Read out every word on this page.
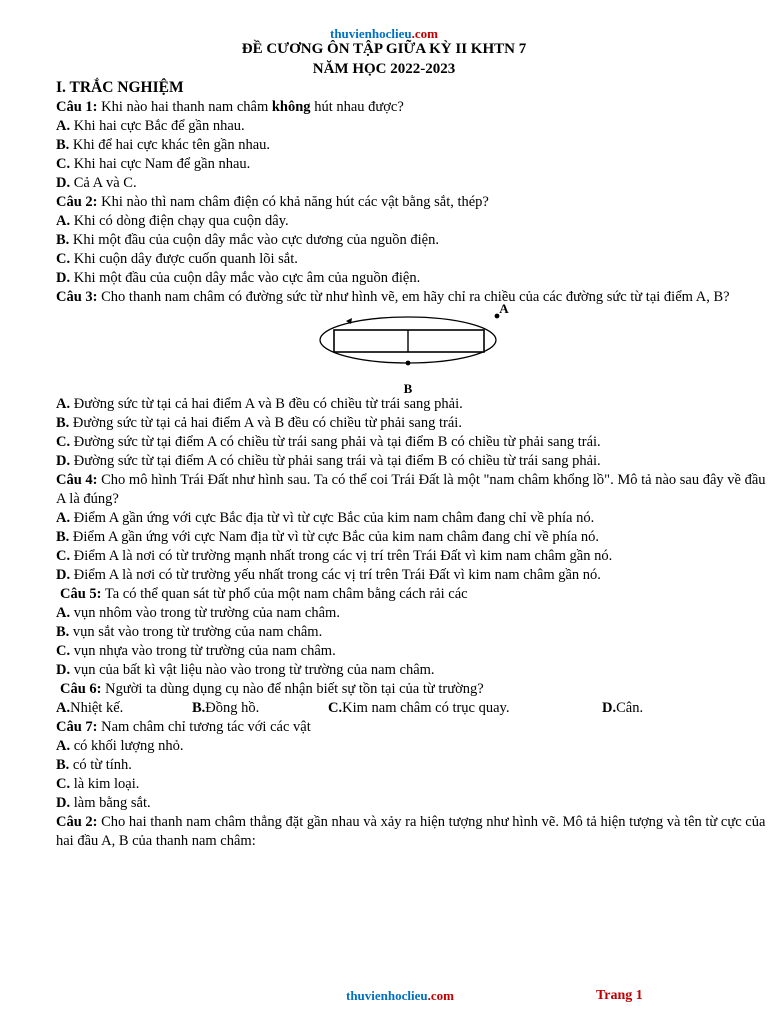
thuvienhoclieu.com
ĐỀ CƯƠNG ÔN TẬP GIỮA KỲ II KHTN 7
NĂM HỌC 2022-2023
I. TRẮC NGHIỆM
Câu 1: Khi nào hai thanh nam châm không hút nhau được?
A. Khi hai cực Bắc để gần nhau.
B. Khi để hai cực khác tên gần nhau.
C. Khi hai cực Nam để gần nhau.
D. Cả A và C.
Câu 2: Khi nào thì nam châm điện có khả năng hút các vật bằng sắt, thép?
A. Khi có dòng điện chạy qua cuộn dây.
B. Khi một đầu của cuộn dây mắc vào cực dương của nguồn điện.
C. Khi cuộn dây được cuốn quanh lõi sắt.
D. Khi một đầu của cuộn dây mắc vào cực âm của nguồn điện.
Câu 3: Cho thanh nam châm có đường sức từ như hình vẽ, em hãy chỉ ra chiều của các đường sức từ tại điểm A, B?
A
B
A. Đường sức từ tại cả hai điểm A và B đều có chiều từ trái sang phải.
B. Đường sức từ tại cả hai điểm A và B đều có chiều từ phải sang trái.
C. Đường sức từ tại điểm A có chiều từ trái sang phải và tại điểm B có chiều từ phải sang trái.
D. Đường sức từ tại điểm A có chiều từ phải sang trái và tại điểm B có chiều từ trái sang phải.
Câu 4: Cho mô hình Trái Đất như hình sau. Ta có thể coi Trái Đất là một "nam châm khổng lồ". Mô tả nào sau đây về đầu A là đúng?
A. Điểm A gần ứng với cực Bắc địa từ vì từ cực Bắc của kim nam châm đang chỉ về phía nó.
B. Điểm A gần ứng với cực Nam địa từ vì từ cực Bắc của kim nam châm đang chỉ về phía nó.
C. Điểm A là nơi có từ trường mạnh nhất trong các vị trí trên Trái Đất vì kim nam châm gần nó.
D. Điểm A là nơi có từ trường yếu nhất trong các vị trí trên Trái Đất vì kim nam châm gần nó.
Câu 5: Ta có thể quan sát từ phổ của một nam châm bằng cách rải các
A. vụn nhôm vào trong từ trường của nam châm.
B. vụn sắt vào trong từ trường của nam châm.
C. vụn nhựa vào trong từ trường của nam châm.
D. vụn của bất kì vật liệu nào vào trong từ trường của nam châm.
Câu 6: Người ta dùng dụng cụ nào để nhận biết sự tồn tại của từ trường?
A. Nhiệt kế.	B. Đồng hồ.	C. Kim nam châm có trục quay.	D. Cân.
Câu 7: Nam châm chỉ tương tác với các vật
A. có khối lượng nhỏ.
B. có từ tính.
C. là kim loại.
D. làm bằng sắt.
Câu 2: Cho hai thanh nam châm thẳng đặt gần nhau và xảy ra hiện tượng như hình vẽ. Mô tả hiện tượng và tên từ cực của hai đầu A, B của thanh nam châm:
thuvienhoclieu.com	Trang 1
